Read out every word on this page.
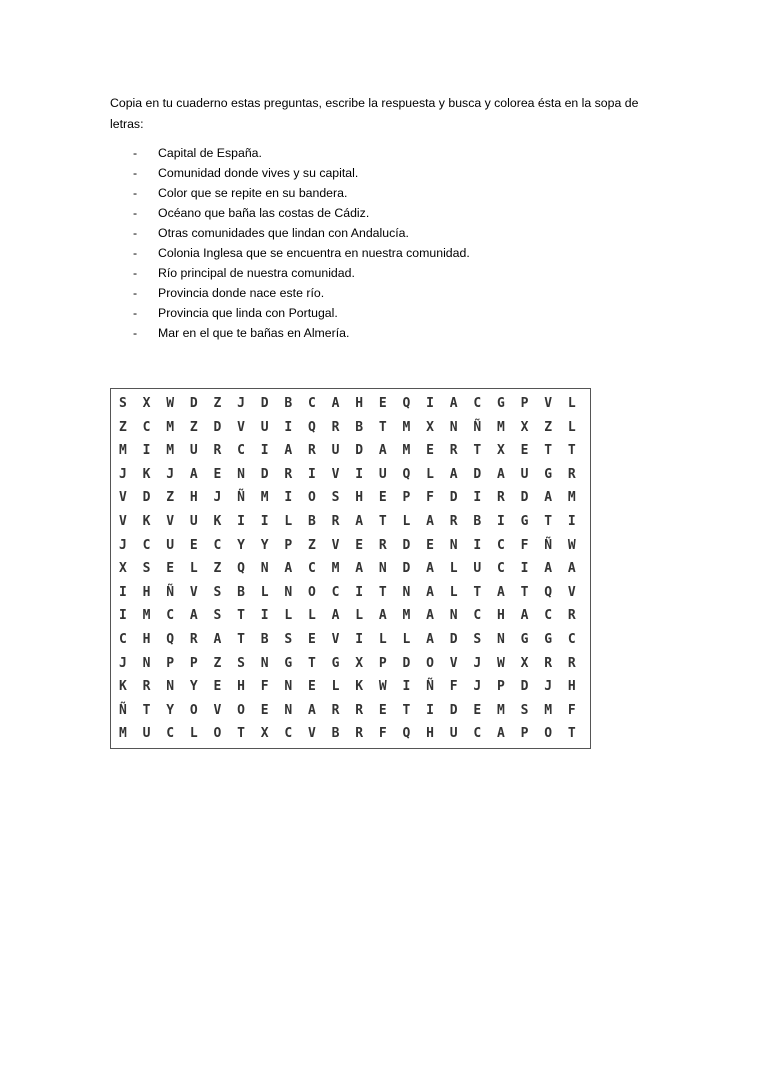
Copia en tu cuaderno estas preguntas, escribe la respuesta y busca y colorea ésta en la sopa de letras:
-	Capital de España.
-	Comunidad donde vives y su capital.
-	Color que se repite en su bandera.
-	Océano que baña las costas de Cádiz.
-	Otras comunidades que lindan con Andalucía.
-	Colonia Inglesa que se encuentra en nuestra comunidad.
-	Río principal de nuestra comunidad.
-	Provincia donde nace este río.
-	Provincia que linda con Portugal.
-	Mar en el que te bañas en Almería.
SXWDZJDBCAHEQIACGPVL
ZCMZDVUIQRBTMXNÑMXZL
MIMURCIARUDAMERTXETT
JKJAENDRIVIUQLADAUGR
VDZHJÑMIOSHEPFDIRDAM
VKVUKIILBRATLARBIGTI
JCUECYYPZVERDENICFÑW
XSELZQNACMANDALUCIAA
IHÑVSBLNOCITNALTATQV
IMCASTILLALAMANCHACR
CHQRATBSEVILLADSNGGC
JNPPZSNGTGXPDOVJWXRR
KRNYEHFNELKWIÑFJPDJH
ÑTYOVOENARRETIDEMSMF
MUCLOTXCVBRFQHUCAPOT
